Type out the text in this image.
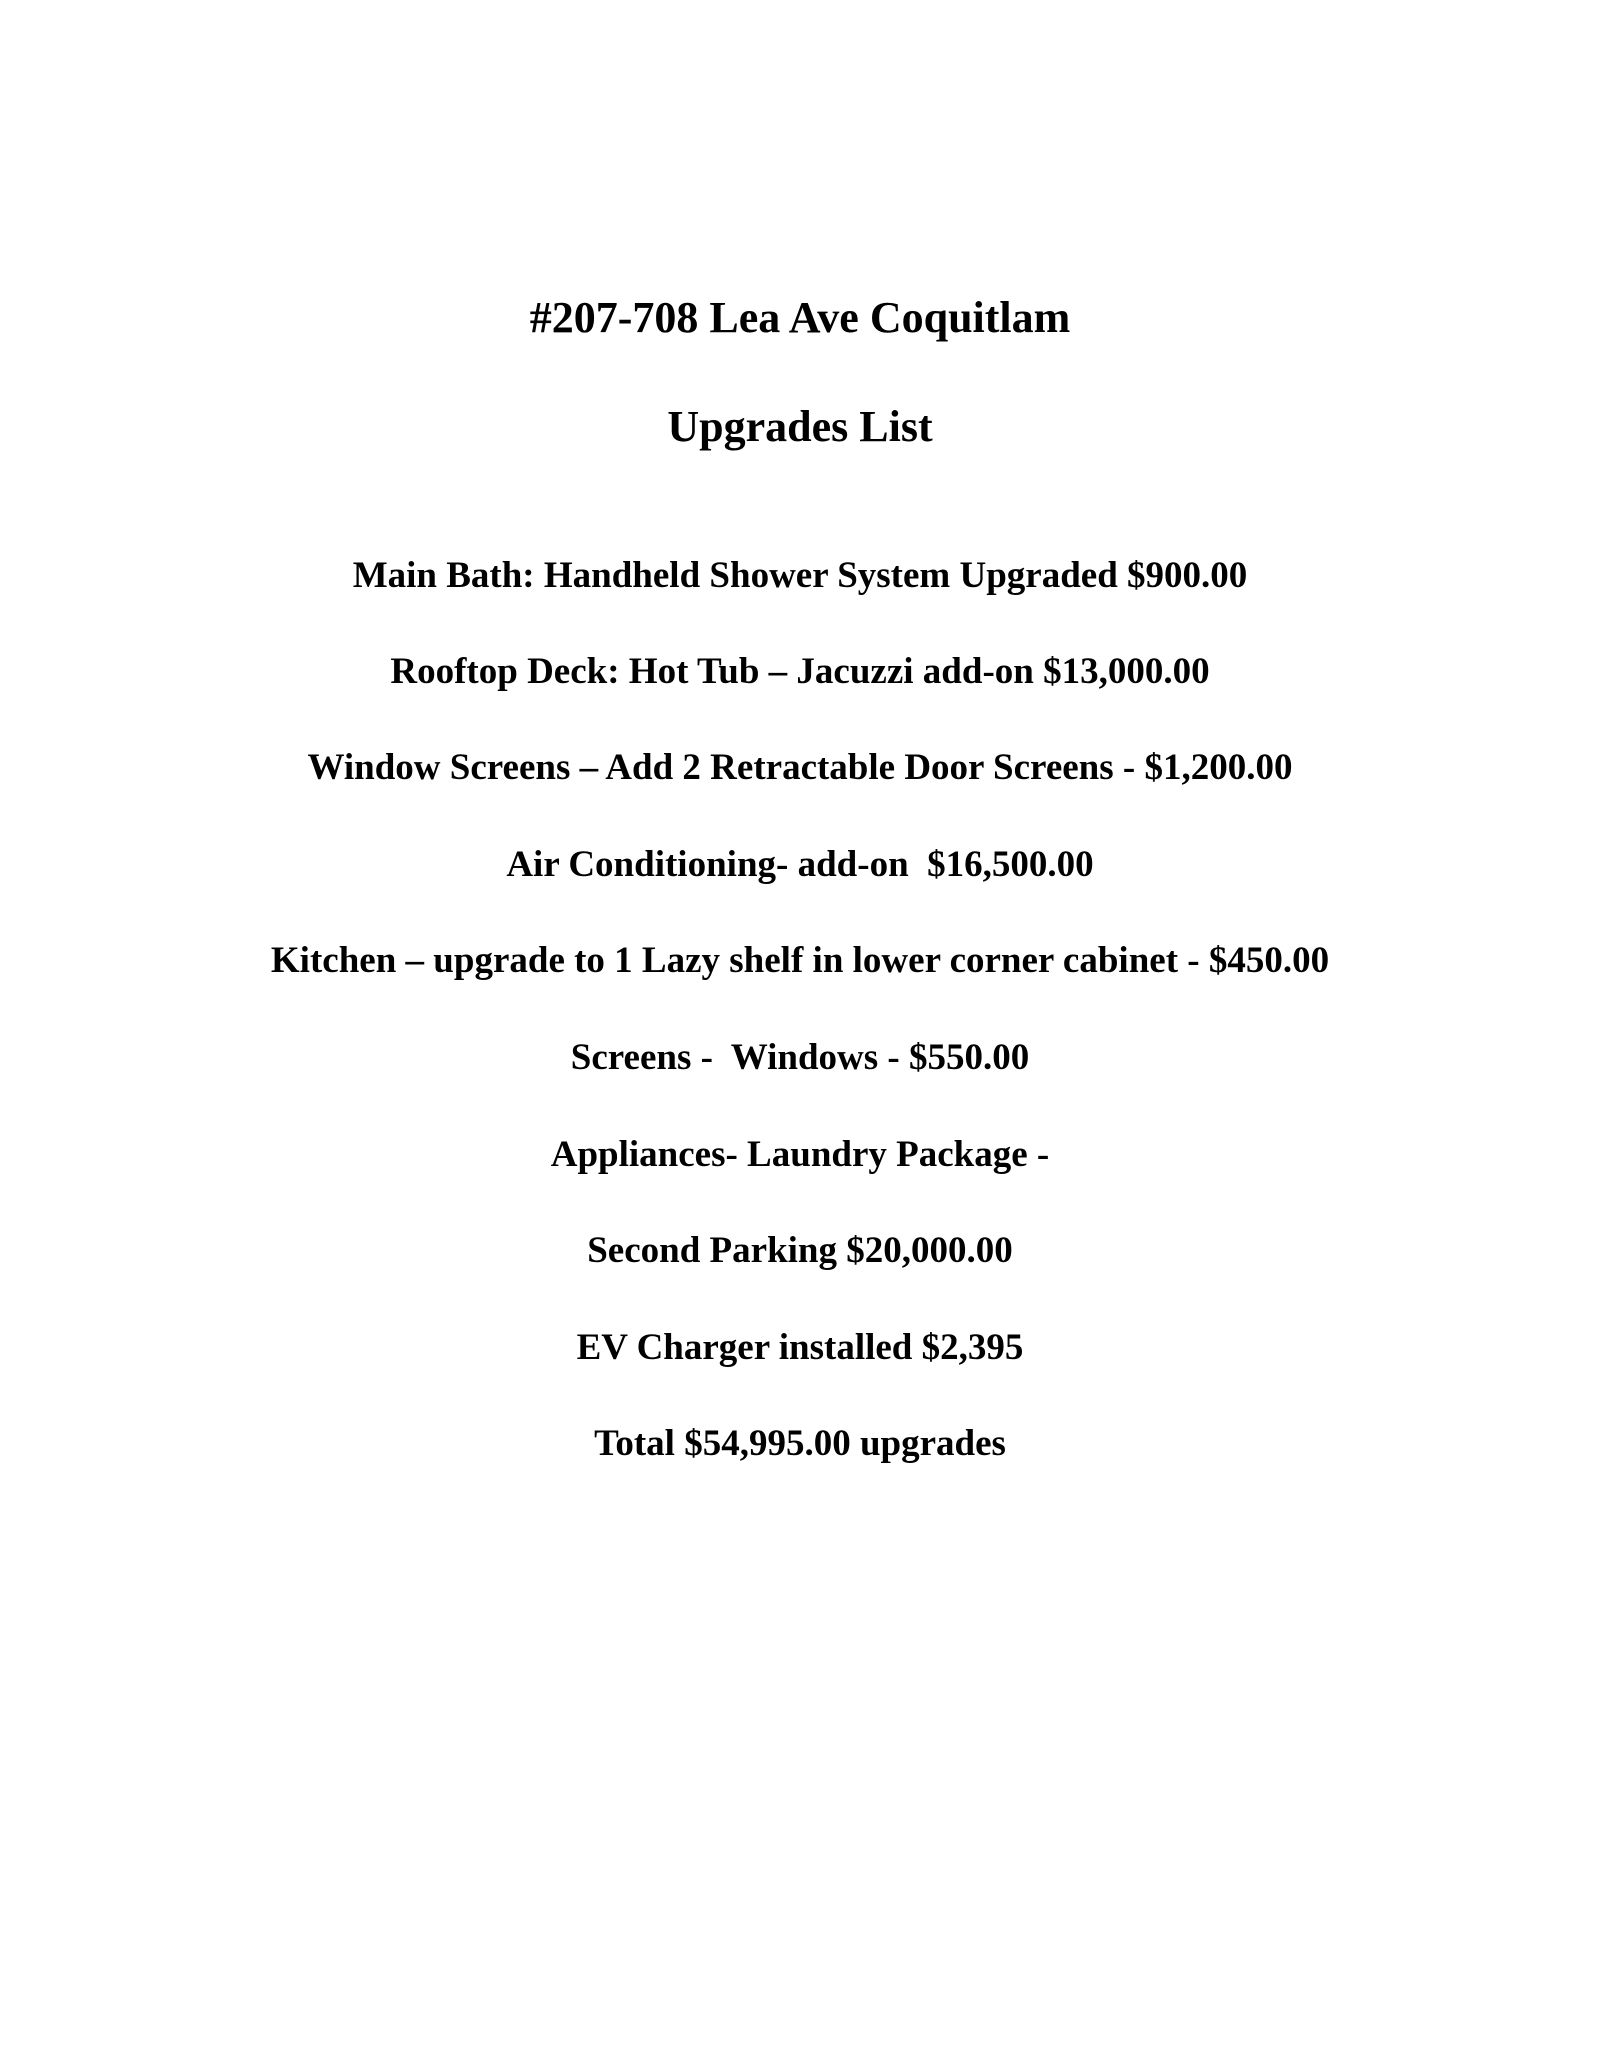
#207-708 Lea Ave Coquitlam
Upgrades List
Main Bath: Handheld Shower System Upgraded $900.00
Rooftop Deck: Hot Tub – Jacuzzi add-on $13,000.00
Window Screens – Add 2 Retractable Door Screens - $1,200.00
Air Conditioning- add-on  $16,500.00
Kitchen – upgrade to 1 Lazy shelf in lower corner cabinet - $450.00
Screens -  Windows - $550.00
Appliances- Laundry Package -
Second Parking $20,000.00
EV Charger installed $2,395
Total $54,995.00 upgrades
